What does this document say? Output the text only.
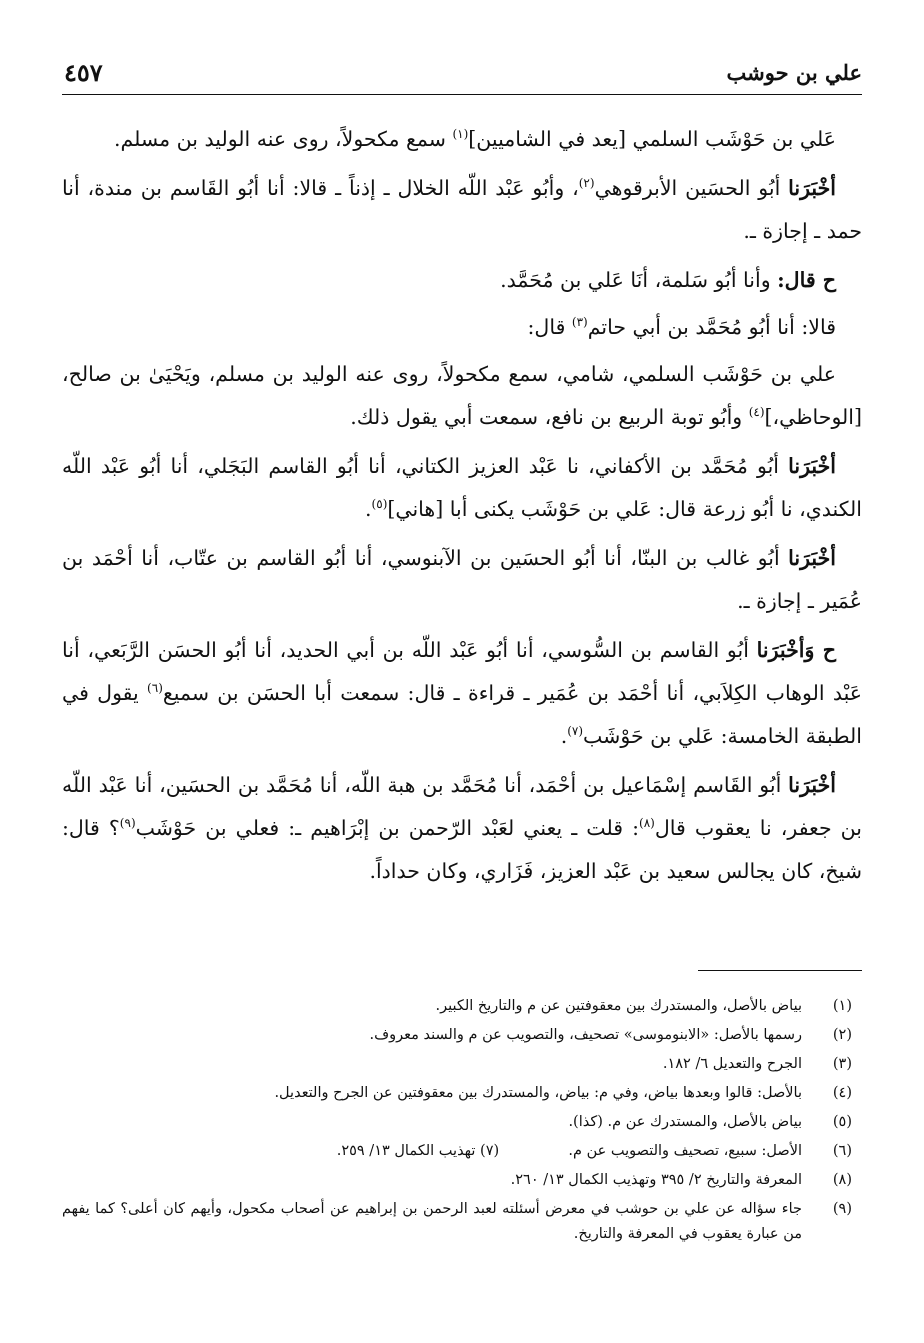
علي بن حوشب
٤٥٧

عَلي بن حَوْشَب السلمي [يعد في الشاميين]$^{(١)}$ سمع مكحولاً، روى عنه الوليد بن مسلم.

أخْبَرَنا أبُو الحسَين الأبرقوهي$^{(٢)}$، وأبُو عَبْد اللّه الخلال ـ إذناً ـ قالا: أنا أبُو القَاسم بن مندة، أنا حمد ـ إجازة ـ.

ح قال: وأنا أبُو سَلمة، أنَا عَلي بن مُحَمَّد.

قالا: أنا أبُو مُحَمَّد بن أبي حاتم$^{(٣)}$ قال:

علي بن حَوْشَب السلمي، شامي، سمع مكحولاً، روى عنه الوليد بن مسلم، ويَحْيَىٰ بن صالح، [الوحاظي،]$^{(٤)}$ وأبُو توبة الربيع بن نافع، سمعت أبي يقول ذلك.

أخْبَرَنا أبُو مُحَمَّد بن الأكفاني، نا عَبْد العزيز الكتاني، أنا أبُو القاسم البَجَلي، أنا أبُو عَبْد اللّه الكندي، نا أبُو زرعة قال: عَلي بن حَوْشَب يكنى أبا [هاني]$^{(٥)}$.

أخْبَرَنا أبُو غالب بن البنّا، أنا أبُو الحسَين بن الآبنوسي، أنا أبُو القاسم بن عتّاب، أنا أحْمَد بن عُمَير ـ إجازة ـ.

ح وَأخْبَرَنا أبُو القاسم بن السُّوسي، أنا أبُو عَبْد اللّه بن أبي الحديد، أنا أبُو الحسَن الرَّبَعي، أنا عَبْد الوهاب الكِلاَبي، أنا أحْمَد بن عُمَير ـ قراءة ـ قال: سمعت أبا الحسَن بن سميع$^{(٦)}$ يقول في الطبقة الخامسة: عَلي بن حَوْشَب$^{(٧)}$.

أخْبَرَنا أبُو القَاسم إسْمَاعيل بن أحْمَد، أنا مُحَمَّد بن هبة اللّه، أنا مُحَمَّد بن الحسَين، أنا عَبْد اللّه بن جعفر، نا يعقوب قال$^{(٨)}$: قلت ـ يعني لعَبْد الرّحمن بن إبْرَاهيم ـ: فعلي بن حَوْشَب$^{(٩)}$؟ قال: شيخ، كان يجالس سعيد بن عَبْد العزيز، فَزَاري، وكان حداداً.

(١)
بياض بالأصل، والمستدرك بين معقوفتين عن م والتاريخ الكبير.
(٢)
رسمها بالأصل: «الابنوموسى» تصحيف، والتصويب عن م والسند معروف.
(٣)
الجرح والتعديل ٦/ ١٨٢.
(٤)
بالأصل: قالوا وبعدها بياض، وفي م: بياض، والمستدرك بين معقوفتين عن الجرح والتعديل.
(٥)
بياض بالأصل، والمستدرك عن م. (كذا).
(٦)
الأصل: سبيع، تصحيف والتصويب عن م.  (٧) تهذيب الكمال ١٣/ ٢٥٩.
(٨)
المعرفة والتاريخ ٢/ ٣٩٥ وتهذيب الكمال ١٣/ ٢٦٠.
(٩)
جاء سؤاله عن علي بن حوشب في معرض أسئلته لعبد الرحمن بن إبراهيم عن أصحاب مكحول، وأيهم كان أعلى؟ كما يفهم من عبارة يعقوب في المعرفة والتاريخ.
